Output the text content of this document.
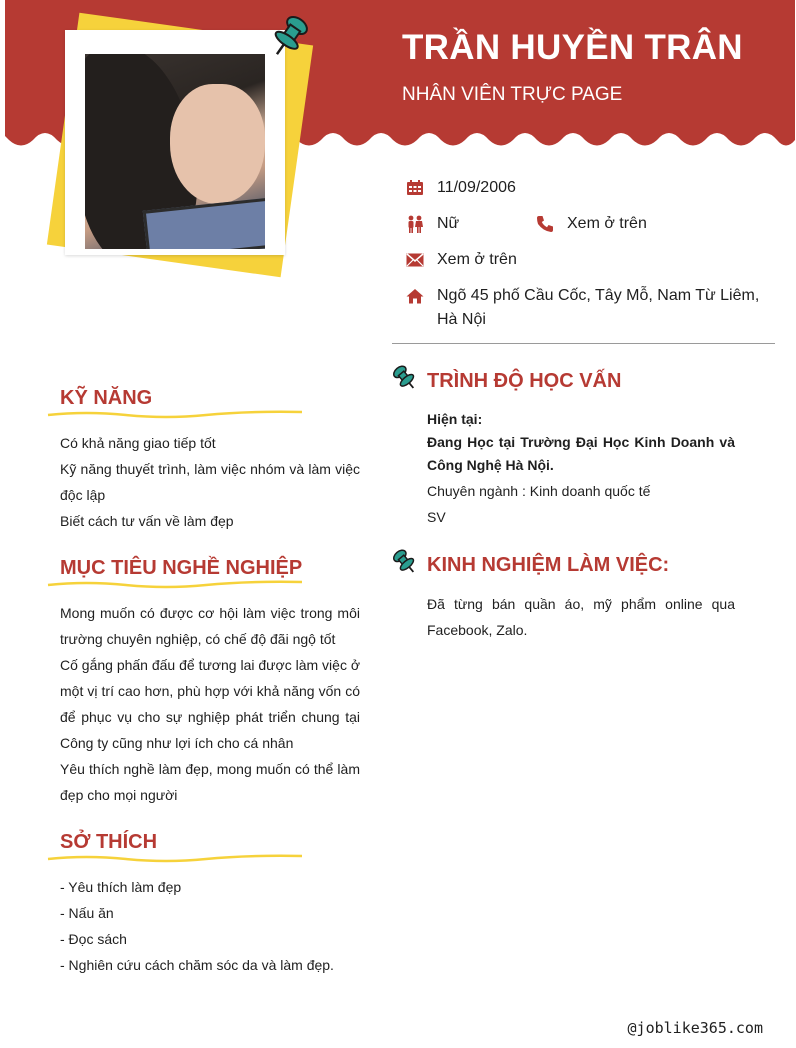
TRẦN HUYỀN TRÂN
NHÂN VIÊN TRỰC PAGE
11/09/2006
Nữ	Xem ở trên
Xem ở trên
Ngõ 45 phố Cầu Cốc, Tây Mỗ, Nam Từ Liêm, Hà Nội
KỸ NĂNG

Có khả năng giao tiếp tốt

Kỹ năng thuyết trình, làm việc nhóm và làm việc độc lập

Biết cách tư vấn về làm đẹp

MỤC TIÊU NGHỀ NGHIỆP

Mong muốn có được cơ hội làm việc trong môi trường chuyên nghiệp, có chế độ đãi ngộ tốt

Cố gắng phấn đấu để tương lai được làm việc ở một vị trí cao hơn, phù hợp với khả năng vốn có để phục vụ cho sự nghiệp phát triển chung tại Công ty cũng như lợi ích cho cá nhân

Yêu thích nghề làm đẹp, mong muốn có thể làm đẹp cho mọi người

SỞ THÍCH

- Yêu thích làm đẹp

- Nấu ăn

- Đọc sách

- Nghiên cứu cách chăm sóc da và làm đẹp.

TRÌNH ĐỘ HỌC VẤN
Hiện tại:
Đang Học tại Trường Đại Học Kinh Doanh và Công Nghệ Hà Nội.
Chuyên ngành : Kinh doanh quốc tế
SV
KINH NGHIỆM LÀM VIỆC:
Đã từng bán quần áo, mỹ phẩm online qua Facebook, Zalo.
@joblike365.com
